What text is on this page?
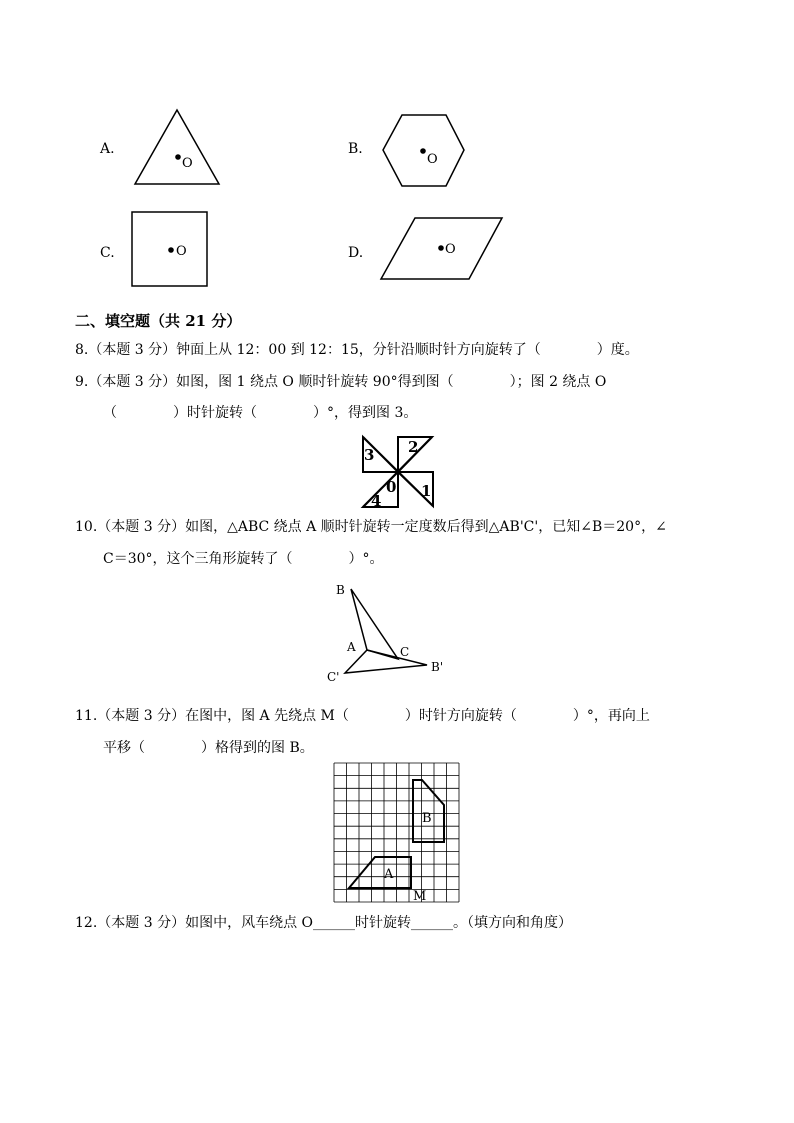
A.
O
B.
O
C.	O	D.	O
二、填空题（共 21 分）
8.（本题 3 分）钟面上从 12：00 到 12：15，分针沿顺时针方向旋转了（　　　　）度。
9.（本题 3 分）如图，图 1 绕点 O 顺时针旋转 90°得到图（　　　　）；图 2 绕点 O
（　　　　）时针旋转（　　　　）°，得到图 3。
2
1
4
3
0
10.（本题 3 分）如图，△ABC 绕点 A 顺时针旋转一定度数后得到△AB'C'，已知∠B＝20°，∠
C＝30°，这个三角形旋转了（　　　　）°。
B
A	C
C'
B'
11.（本题 3 分）在图中，图 A 先绕点 M（　　　　）时针方向旋转（　　　　）°，再向上
平移（　　　　）格得到的图 B。
A
B
M
12.（本题 3 分）如图中，风车绕点 O______时针旋转______。（填方向和角度）
